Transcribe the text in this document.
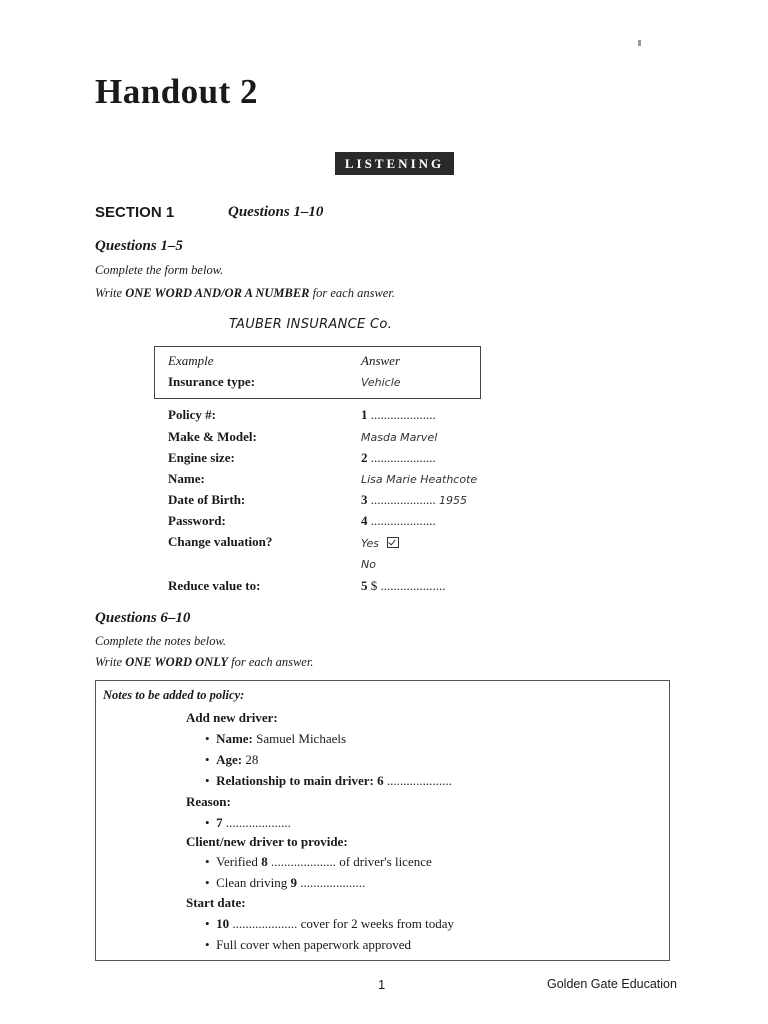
Handout 2
LISTENING
SECTION 1	Questions 1–10
Questions 1–5
Complete the form below.
Write ONE WORD AND/OR A NUMBER for each answer.
TAUBER INSURANCE Co.
Example	Answer
Insurance type:	Vehicle
Policy #:	1 ....................
Make & Model:	Masda Marvel
Engine size:	2 ....................
Name:	Lisa Marie Heathcote
Date of Birth:	3 .................... 1955
Password:	4 ....................
Change valuation?	Yes
No
Reduce value to:	5 $ ....................
Questions 6–10
Complete the notes below.
Write ONE WORD ONLY for each answer.
Notes to be added to policy:
Add new driver:
•  Name: Samuel Michaels
•  Age: 28
•  Relationship to main driver: 6 ....................
Reason:
•  7 ....................
Client/new driver to provide:
•  Verified 8 .................... of driver's licence
•  Clean driving 9 ....................
Start date:
•  10 .................... cover for 2 weeks from today
•  Full cover when paperwork approved
1	Golden Gate Education
